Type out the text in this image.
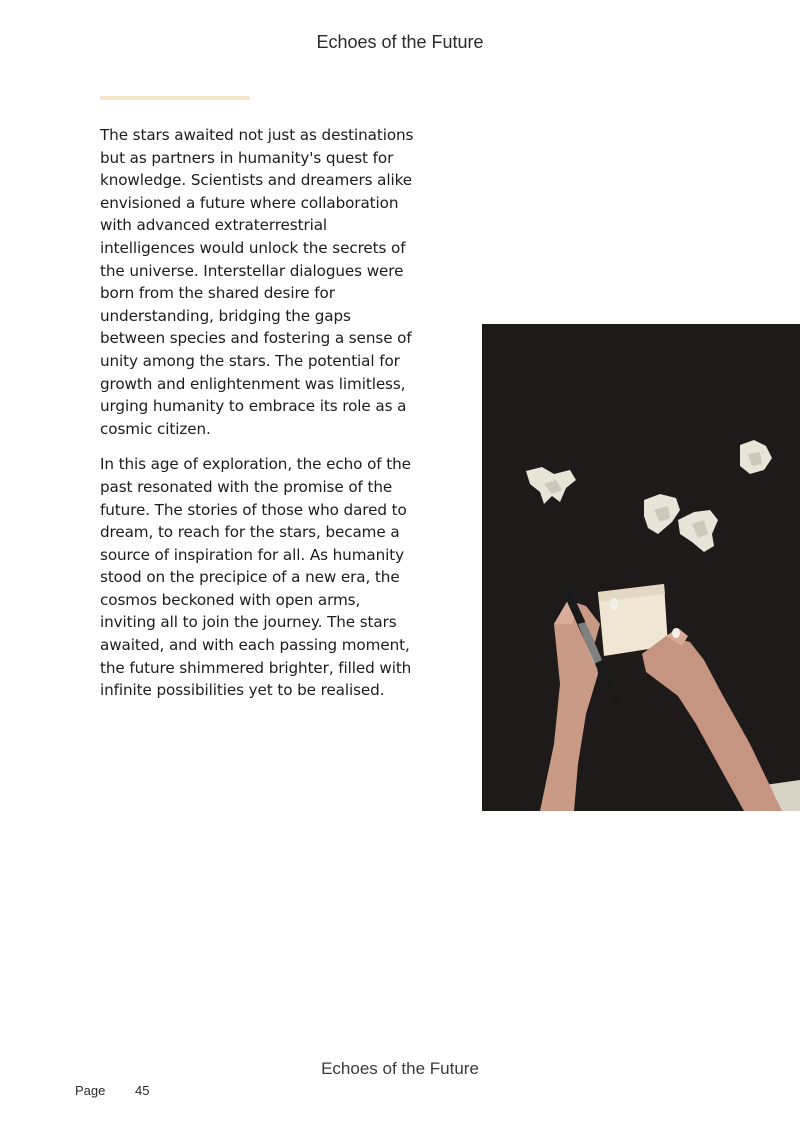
Echoes of the Future

The stars awaited not just as destinations but as partners in humanity's quest for knowledge. Scientists and dreamers alike envisioned a future where collaboration with advanced extraterrestrial intelligences would unlock the secrets of the universe. Interstellar dialogues were born from the shared desire for understanding, bridging the gaps between species and fostering a sense of unity among the stars. The potential for growth and enlightenment was limitless, urging humanity to embrace its role as a cosmic citizen.

In this age of exploration, the echo of the past resonated with the promise of the future. The stories of those who dared to dream, to reach for the stars, became a source of inspiration for all. As humanity stood on the precipice of a new era, the cosmos beckoned with open arms, inviting all to join the journey. The stars awaited, and with each passing moment, the future shimmered brighter, filled with infinite possibilities yet to be realised.

Echoes of the Future
Page 45
